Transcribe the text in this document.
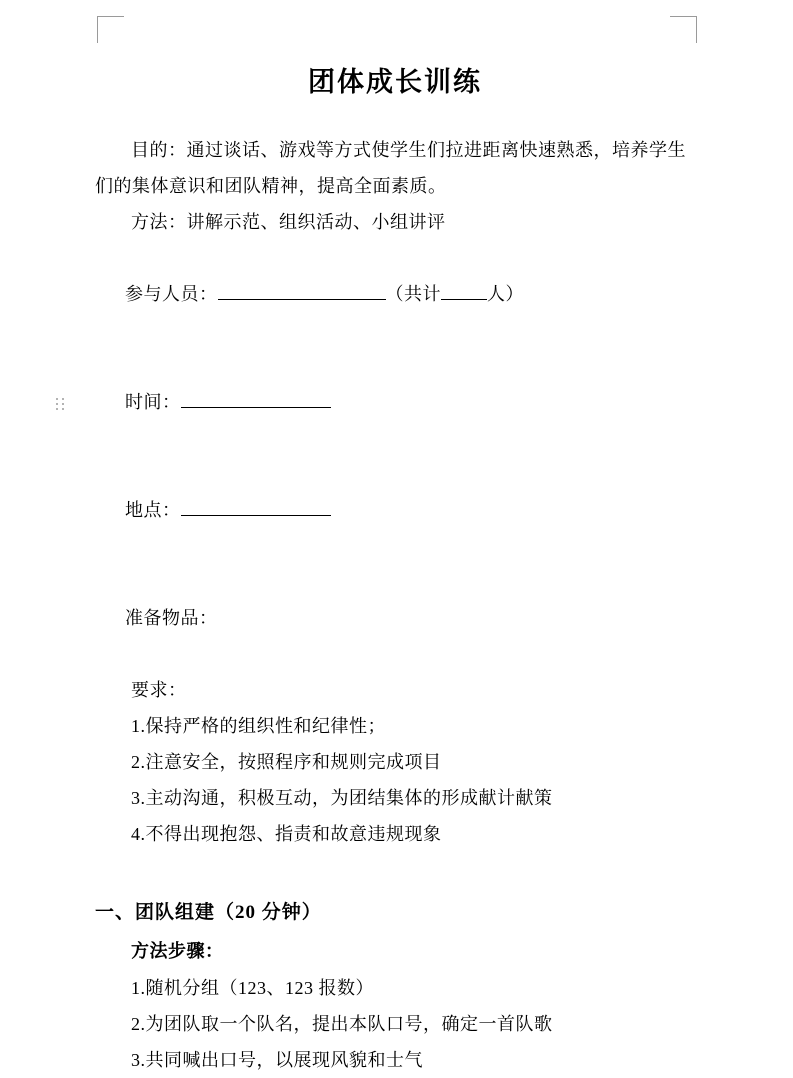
团体成长训练

目的：通过谈话、游戏等方式使学生们拉进距离快速熟悉，培养学生们的集体意识和团队精神，提高全面素质。

方法：讲解示范、组织活动、小组讲评

参与人员：	（共计	人）

时间：

地点：

准备物品：

要求：

1.保持严格的组织性和纪律性；

2.注意安全，按照程序和规则完成项目

3.主动沟通，积极互动，为团结集体的形成献计献策

4.不得出现抱怨、指责和故意违规现象

一、团队组建（20 分钟）

方法步骤：

1.随机分组（123、123 报数）

2.为团队取一个队名，提出本队口号，确定一首队歌

3.共同喊出口号，以展现风貌和士气
